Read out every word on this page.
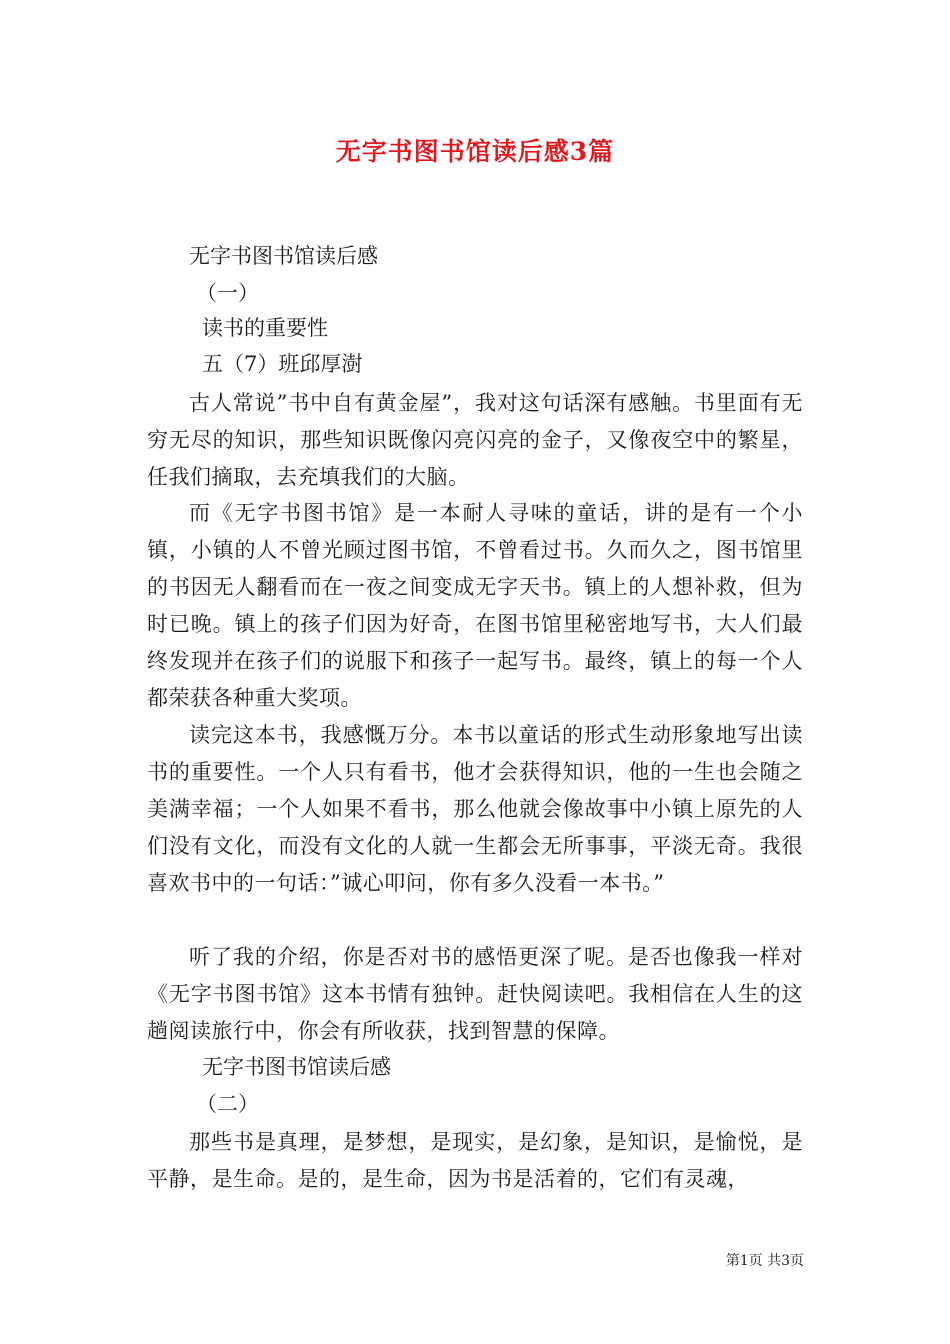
无字书图书馆读后感3篇
无字书图书馆读后感
（一）
读书的重要性
五（7）班邱厚澍
古人常说”书中自有黄金屋”，我对这句话深有感触。书里面有无穷无尽的知识，那些知识既像闪亮闪亮的金子，又像夜空中的繁星，任我们摘取，去充填我们的大脑。
而《无字书图书馆》是一本耐人寻味的童话，讲的是有一个小镇，小镇的人不曾光顾过图书馆，不曾看过书。久而久之，图书馆里的书因无人翻看而在一夜之间变成无字天书。镇上的人想补救，但为时已晚。镇上的孩子们因为好奇，在图书馆里秘密地写书，大人们最终发现并在孩子们的说服下和孩子一起写书。最终，镇上的每一个人都荣获各种重大奖项。
读完这本书，我感慨万分。本书以童话的形式生动形象地写出读书的重要性。一个人只有看书，他才会获得知识，他的一生也会随之美满幸福；一个人如果不看书，那么他就会像故事中小镇上原先的人们没有文化，而没有文化的人就一生都会无所事事，平淡无奇。我很喜欢书中的一句话：”诚心叩问，你有多久没看一本书。”
听了我的介绍，你是否对书的感悟更深了呢。是否也像我一样对《无字书图书馆》这本书情有独钟。赶快阅读吧。我相信在人生的这趟阅读旅行中，你会有所收获，找到智慧的保障。
无字书图书馆读后感
（二）
那些书是真理，是梦想，是现实，是幻象，是知识，是愉悦，是平静，是生命。是的，是生命，因为书是活着的，它们有灵魂，
第1页 共3页
